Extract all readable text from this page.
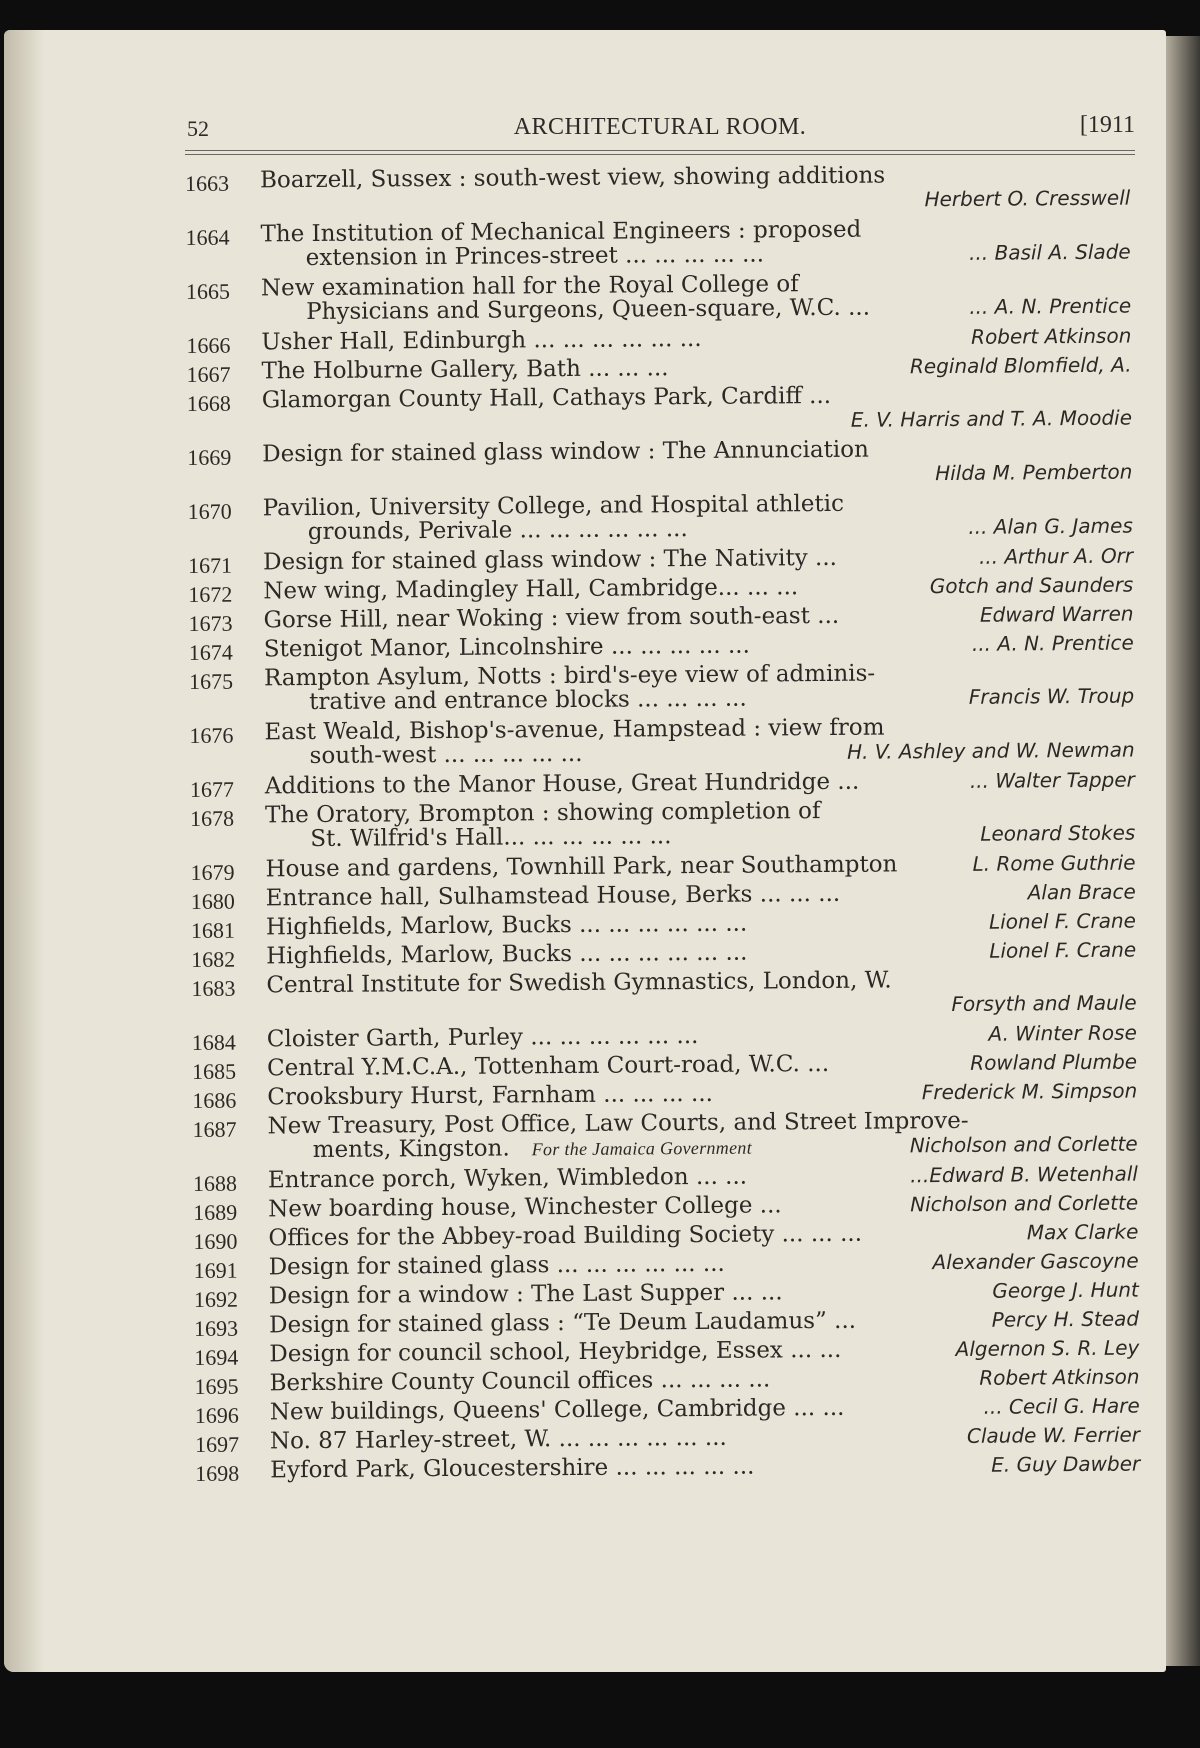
52	ARCHITECTURAL ROOM.	[1911
1663 Boarzell, Sussex : south-west view, showing additions
Herbert O. Cresswell
1664 The Institution of Mechanical Engineers : proposed
extension in Princes-street ... ... ... ... ...	... Basil A. Slade
1665 New examination hall for the Royal College of
Physicians and Surgeons, Queen-square, W.C. ...	... A. N. Prentice
1666 Usher Hall, Edinburgh ... ... ... ... ... ...	Robert Atkinson
1667 The Holburne Gallery, Bath ... ... ...	Reginald Blomfield, A.
1668 Glamorgan County Hall, Cathays Park, Cardiff ...
E. V. Harris and T. A. Moodie
1669 Design for stained glass window : The Annunciation
Hilda M. Pemberton
1670 Pavilion, University College, and Hospital athletic
grounds, Perivale ... ... ... ... ... ...	... Alan G. James
1671 Design for stained glass window : The Nativity ...	... Arthur A. Orr
1672 New wing, Madingley Hall, Cambridge... ... ...	Gotch and Saunders
1673 Gorse Hill, near Woking : view from south-east ...	Edward Warren
1674 Stenigot Manor, Lincolnshire ... ... ... ... ...	... A. N. Prentice
1675 Rampton Asylum, Notts : bird's-eye view of adminis-
trative and entrance blocks ... ... ... ...	Francis W. Troup
1676 East Weald, Bishop's-avenue, Hampstead : view from
south-west ... ... ... ... ...	H. V. Ashley and W. Newman
1677 Additions to the Manor House, Great Hundridge ...	... Walter Tapper
1678 The Oratory, Brompton : showing completion of
St. Wilfrid's Hall... ... ... ... ... ...	Leonard Stokes
1679 House and gardens, Townhill Park, near Southampton	L. Rome Guthrie
1680 Entrance hall, Sulhamstead House, Berks ... ... ...	Alan Brace
1681 Highfields, Marlow, Bucks ... ... ... ... ... ...	Lionel F. Crane
1682 Highfields, Marlow, Bucks ... ... ... ... ... ...	Lionel F. Crane
1683 Central Institute for Swedish Gymnastics, London, W.
Forsyth and Maule
1684 Cloister Garth, Purley ... ... ... ... ... ...	A. Winter Rose
1685 Central Y.M.C.A., Tottenham Court-road, W.C. ...	Rowland Plumbe
1686 Crooksbury Hurst, Farnham ... ... ... ...	Frederick M. Simpson
1687 New Treasury, Post Office, Law Courts, and Street Improve-
ments, Kingston. For the Jamaica Government	Nicholson and Corlette
1688 Entrance porch, Wyken, Wimbledon ... ...	...Edward B. Wetenhall
1689 New boarding house, Winchester College ...	Nicholson and Corlette
1690 Offices for the Abbey-road Building Society ... ... ...	Max Clarke
1691 Design for stained glass ... ... ... ... ... ...	Alexander Gascoyne
1692 Design for a window : The Last Supper ... ...	George J. Hunt
1693 Design for stained glass : “Te Deum Laudamus” ...	Percy H. Stead
1694 Design for council school, Heybridge, Essex ... ...	Algernon S. R. Ley
1695 Berkshire County Council offices ... ... ... ...	Robert Atkinson
1696 New buildings, Queens' College, Cambridge ... ...	... Cecil G. Hare
1697 No. 87 Harley-street, W. ... ... ... ... ... ...	Claude W. Ferrier
1698 Eyford Park, Gloucestershire ... ... ... ... ...	E. Guy Dawber
